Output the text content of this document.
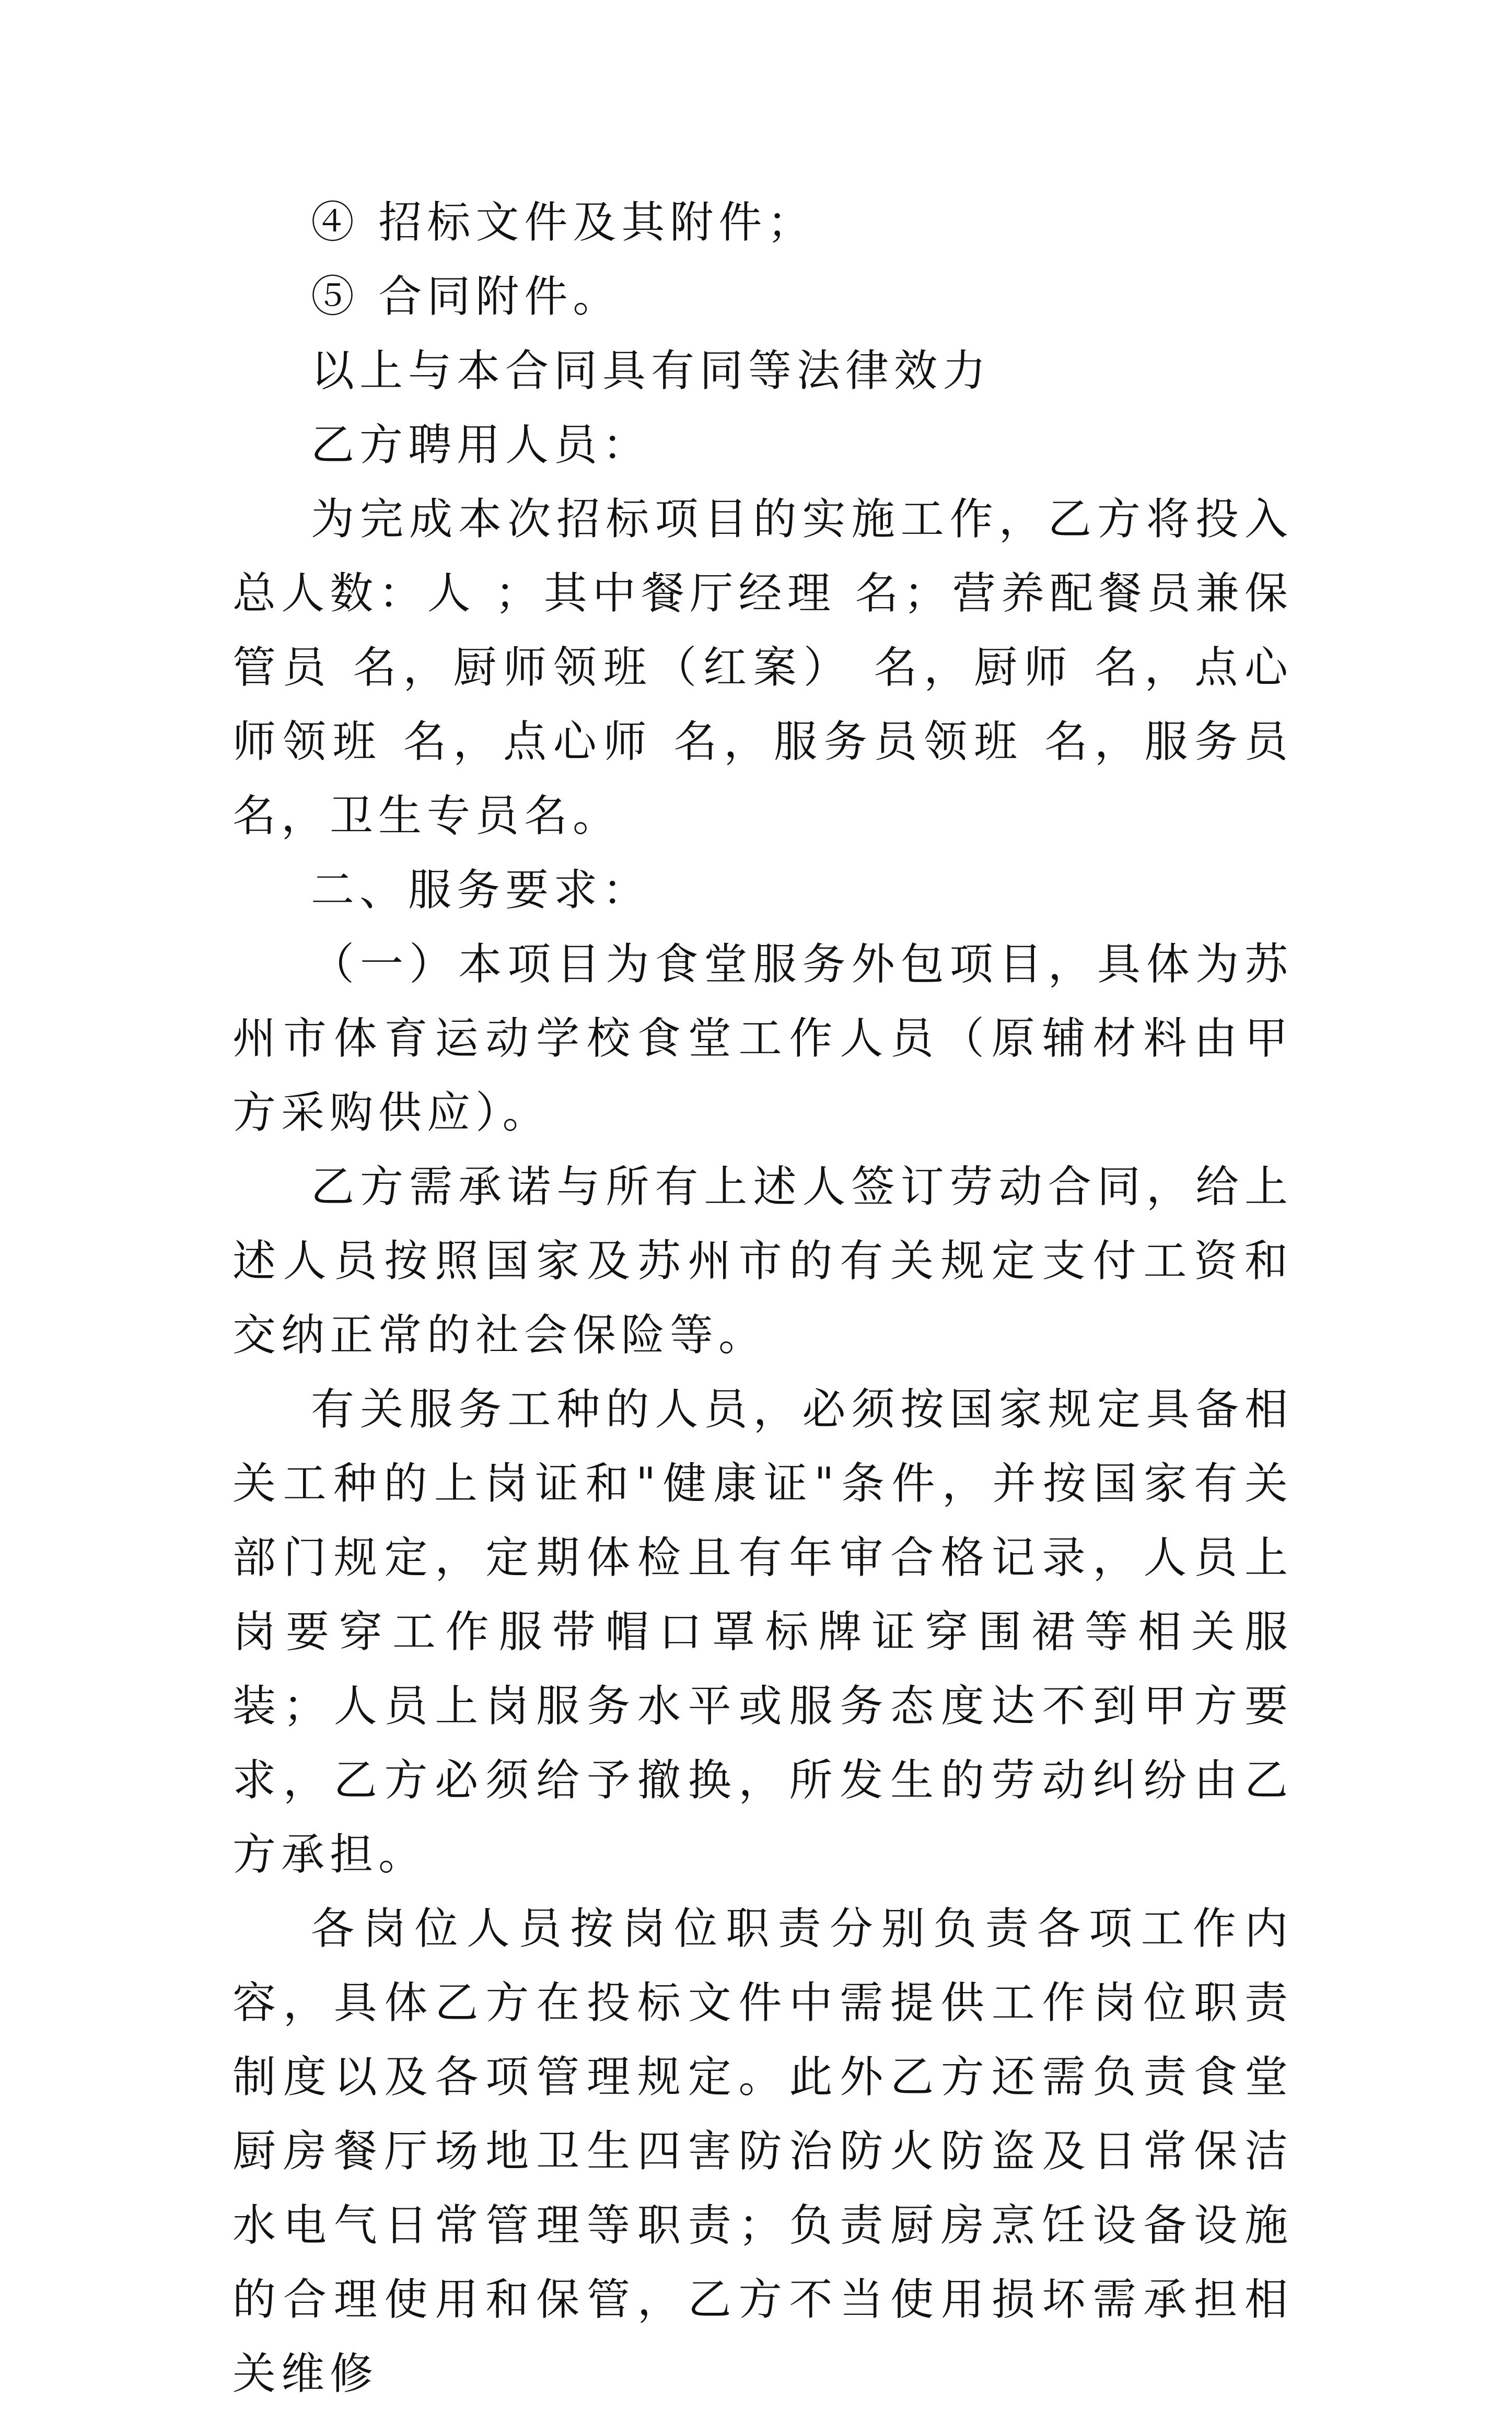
④ 招标文件及其附件；

⑤ 合同附件。

以上与本合同具有同等法律效力

乙方聘用人员：

为完成本次招标项目的实施工作，乙方将投入总人数：人 ；其中餐厅经理 名；营养配餐员兼保管员 名，厨师领班（红案） 名，厨师 名，点心师领班 名，点心师 名，服务员领班 名，服务员 名，卫生专员名。

二、服务要求：

（一）本项目为食堂服务外包项目，具体为苏州市体育运动学校食堂工作人员（原辅材料由甲方采购供应）。

乙方需承诺与所有上述人签订劳动合同，给上述人员按照国家及苏州市的有关规定支付工资和交纳正常的社会保险等。

有关服务工种的人员，必须按国家规定具备相关工种的上岗证和"健康证"条件，并按国家有关部门规定，定期体检且有年审合格记录，人员上岗要穿工作服带帽口罩标牌证穿围裙等相关服装；人员上岗服务水平或服务态度达不到甲方要求，乙方必须给予撤换，所发生的劳动纠纷由乙方承担。

各岗位人员按岗位职责分别负责各项工作内容，具体乙方在投标文件中需提供工作岗位职责制度以及各项管理规定。此外乙方还需负责食堂厨房餐厅场地卫生四害防治防火防盗及日常保洁水电气日常管理等职责；负责厨房烹饪设备设施的合理使用和保管，乙方不当使用损坏需承担相关维修
